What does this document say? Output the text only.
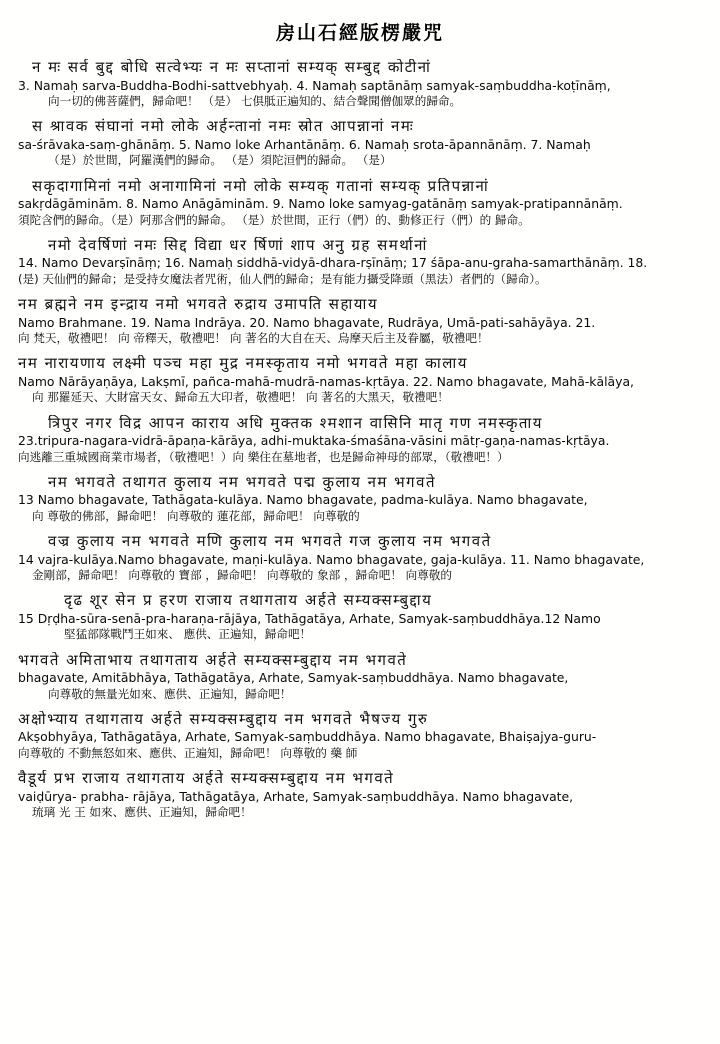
房山石經版楞嚴咒
न मः सर्व बुद्द बोधि सत्वेभ्यः न मः सप्तानां सम्यक् सम्बुद्द कोटीनां
3. Namaḥ sarva-Buddha-Bodhi-sattvebhyaḥ. 4. Namaḥ saptānāṃ samyak-saṃbuddha-koṭīnāṃ,
向一切的佛菩薩們，歸命吧！ （是） 七俱胝正遍知的、結合聲聞僧伽眾的歸命。
स श्रावक संघानां नमो लोके अर्हन्तानां नमः स्रोत आपन्नानां नमः
sa-śrāvaka-saṃ-ghānāṃ. 5. Namo loke Arhantānāṃ. 6. Namaḥ srota-āpannānāṃ. 7. Namaḥ
（是）於世間，阿羅漢們的歸命。 （是）須陀洹們的歸命。 （是）
सकृदागामिनां नमो अनागामिनां नमो लोके सम्यक् गतानां सम्यक् प्रतिपन्नानां
sakṛdāgāminām. 8. Namo Anāgāminām. 9. Namo loke samyag-gatānāṃ samyak-pratipannānāṃ.
須陀含們的歸命。（是）阿那含們的歸命。 （是）於世間，正行（們）的、動修正行（們）的 歸命。
नमो देवर्षिणां नमः सिद्द विद्या धर र्षिणां शाप अनु ग्रह समर्थानां
14. Namo Devarṣīnāṃ; 16. Namaḥ siddhā-vidyā-dhara-rṣīnāṃ; 17 śāpa-anu-graha-samarthānāṃ. 18.
(是) 天仙們的歸命；是受持女魔法者咒術，仙人們的歸命；是有能力攝受降頭（黑法）者們的（歸命）。
नम ब्रह्मने नम इन्द्राय नमो भगवते रुद्राय उमापति सहायाय
Namo Brahmane. 19. Nama Indrāya. 20. Namo bhagavate, Rudrāya, Umā-pati-sahāyāya. 21.
向 梵天，敬禮吧！ 向 帝釋天，敬禮吧！ 向 著名的大自在天、烏摩天后主及眷屬，敬禮吧！
नम नारायणाय लक्ष्मी पञ्च महा मुद्र नमस्कृताय नमो भगवते महा कालाय
Namo Nārāyaṇāya, Lakṣmī, pañca-mahā-mudrā-namas-kṛtāya. 22. Namo bhagavate, Mahā-kālāya,
向 那羅延天、大財富天女、歸命五大印者，敬禮吧！ 向 著名的大黑天，敬禮吧！
त्रिपुर नगर विद्र आपन काराय अधि मुक्तक श्मशान वासिनि मातृ गण नमस्कृताय
23.tripura-nagara-vidrā-āpaṇa-kārāya, adhi-muktaka-śmaśāna-vāsini mātṛ-gaṇa-namas-kṛtāya.
向逃離三重城國商業市場者，（敬禮吧！）向 樂住在墓地者，也是歸命神母的部眾，（敬禮吧！）
नम भगवते तथागत कुलाय नम भगवते पद्म कुलाय नम भगवते
13 Namo bhagavate, Tathāgata-kulāya. Namo bhagavate, padma-kulāya. Namo bhagavate,
向 尊敬的佛部，歸命吧！ 向尊敬的 蓮花部，歸命吧！ 向尊敬的
वज्र कुलाय नम भगवते मणि कुलाय नम भगवते गज कुलाय नम भगवते
14 vajra-kulāya.Namo bhagavate, maṇi-kulāya. Namo bhagavate, gaja-kulāya. 11. Namo bhagavate,
金剛部，歸命吧！ 向尊敬的 寶部 ，歸命吧！ 向尊敬的 象部 ，歸命吧！ 向尊敬的
दृढ शूर सेन प्र हरण राजाय तथागताय अर्हते सम्यक्सम्बुद्दाय
15 Dṛḍha-sūra-senā-pra-haraṇa-rājāya, Tathāgatāya, Arhate, Samyak-saṃbuddhāya.12 Namo
堅猛部隊戰鬥王如來、 應供、正遍知，歸命吧！
भगवते अमिताभाय तथागताय अर्हते सम्यक्सम्बुद्दाय नम भगवते
bhagavate, Amitābhāya, Tathāgatāya, Arhate, Samyak-saṃbuddhāya. Namo bhagavate,
向尊敬的無量光如來、應供、正遍知，歸命吧！
अक्षोभ्याय तथागताय अर्हते सम्यक्सम्बुद्दाय नम भगवते भैषज्य गुरु
Akṣobhyāya, Tathāgatāya, Arhate, Samyak-saṃbuddhāya. Namo bhagavate, Bhaiṣajya-guru-
向尊敬的 不動無怒如來、應供、正遍知，歸命吧！ 向尊敬的 藥 師
वैडूर्य प्रभ राजाय तथागताय अर्हते सम्यक्सम्बुद्दाय नम भगवते
vaiḍūrya- prabha- rājāya, Tathāgatāya, Arhate, Samyak-saṃbuddhāya. Namo bhagavate,
琉璃 光 王 如來、應供、正遍知，歸命吧！
